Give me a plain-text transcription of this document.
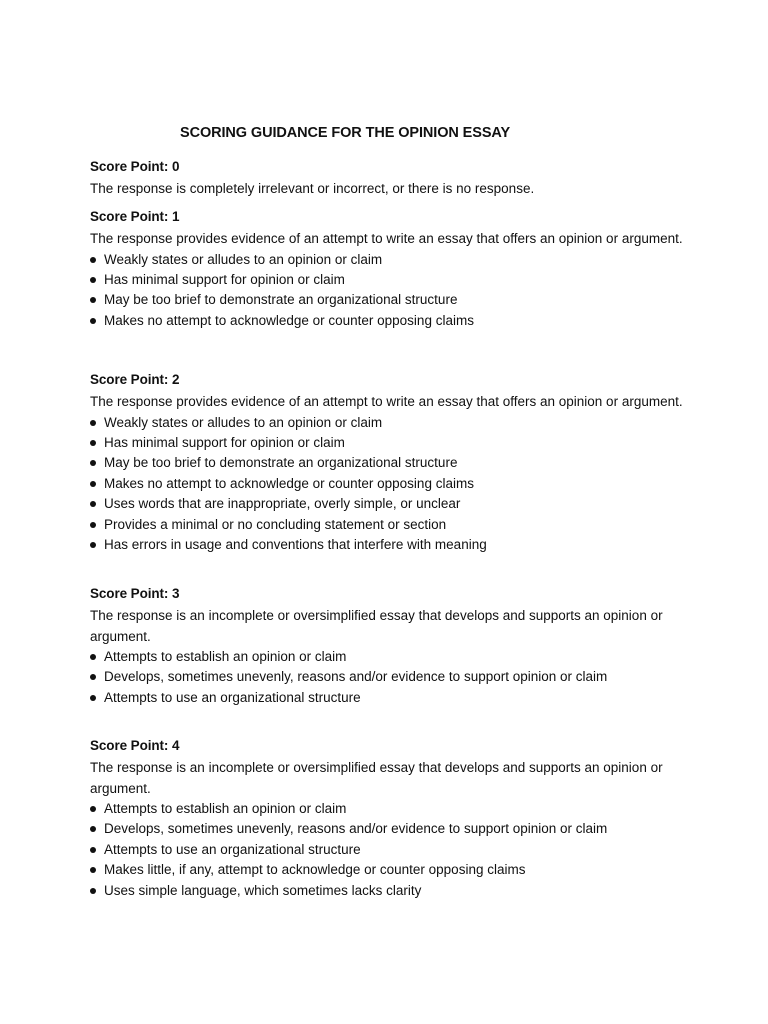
SCORING GUIDANCE FOR THE OPINION ESSAY
Score Point: 0

The response is completely irrelevant or incorrect, or there is no response.

Score Point: 1

The response provides evidence of an attempt to write an essay that offers an opinion or argument.

Weakly states or alludes to an opinion or claim
Has minimal support for opinion or claim
May be too brief to demonstrate an organizational structure
Makes no attempt to acknowledge or counter opposing claims
Score Point: 2

The response provides evidence of an attempt to write an essay that offers an opinion or argument.

Weakly states or alludes to an opinion or claim
Has minimal support for opinion or claim
May be too brief to demonstrate an organizational structure
Makes no attempt to acknowledge or counter opposing claims
Uses words that are inappropriate, overly simple, or unclear
Provides a minimal or no concluding statement or section
Has errors in usage and conventions that interfere with meaning
Score Point: 3

The response is an incomplete or oversimplified essay that develops and supports an opinion or argument.

Attempts to establish an opinion or claim
Develops, sometimes unevenly, reasons and/or evidence to support opinion or claim
Attempts to use an organizational structure
Score Point: 4

The response is an incomplete or oversimplified essay that develops and supports an opinion or argument.

Attempts to establish an opinion or claim
Develops, sometimes unevenly, reasons and/or evidence to support opinion or claim
Attempts to use an organizational structure
Makes little, if any, attempt to acknowledge or counter opposing claims
Uses simple language, which sometimes lacks clarity
